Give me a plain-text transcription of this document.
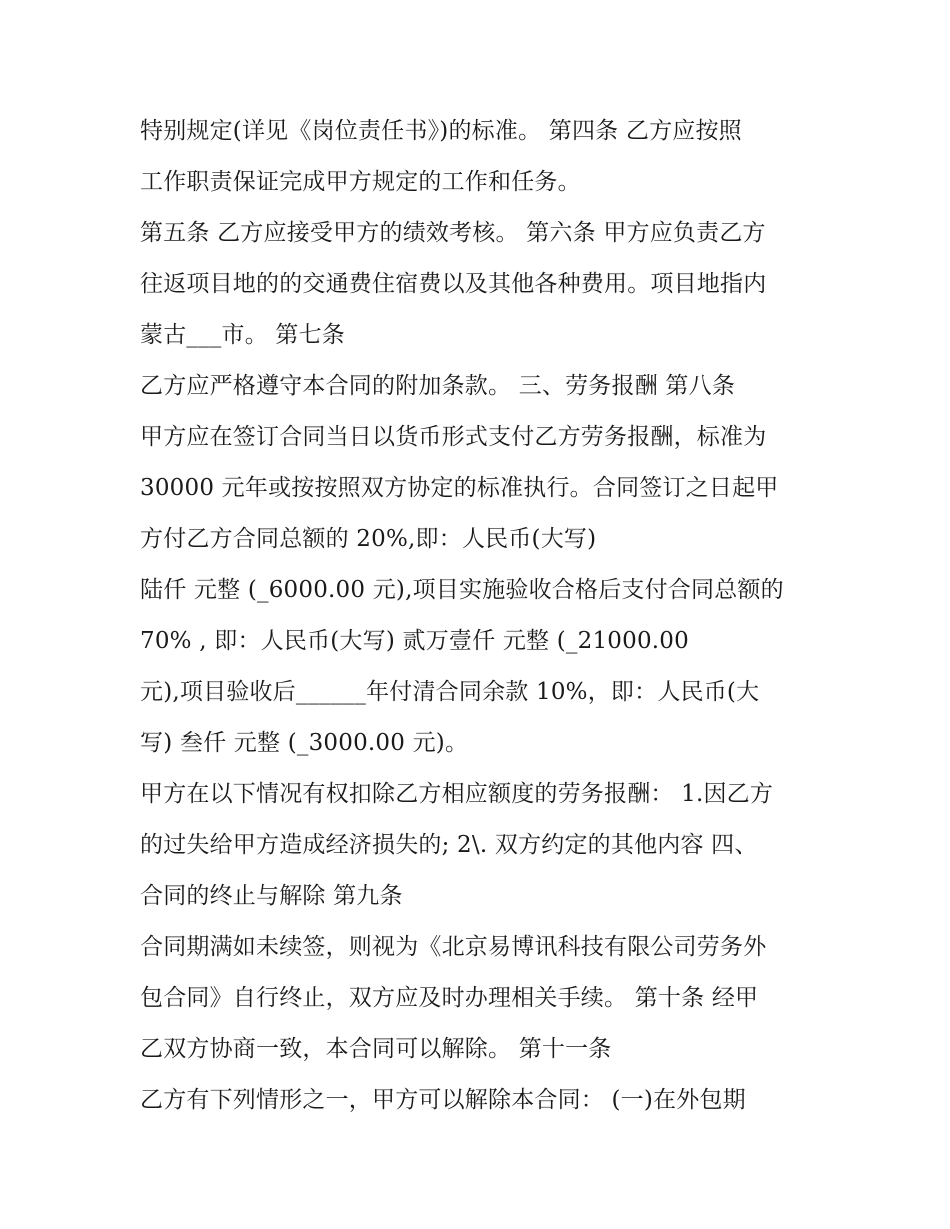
特别规定(详见《岗位责任书》)的标准。 第四条 乙方应按照
工作职责保证完成甲方规定的工作和任务。
第五条 乙方应接受甲方的绩效考核。 第六条 甲方应负责乙方
往返项目地的的交通费住宿费以及其他各种费用。项目地指内
蒙古___市。 第七条
乙方应严格遵守本合同的附加条款。 三、劳务报酬 第八条
甲方应在签订合同当日以货币形式支付乙方劳务报酬，标准为
30000 元年或按按照双方协定的标准执行。合同签订之日起甲
方付乙方合同总额的 20%,即：人民币(大写)
陆仟 元整 (_6000.00 元),项目实施验收合格后支付合同总额的
70% , 即：人民币(大写) 贰万壹仟 元整 (_21000.00
元),项目验收后______年付清合同余款 10%，即：人民币(大
写) 叁仟 元整 (_3000.00 元)。
甲方在以下情况有权扣除乙方相应额度的劳务报酬： 1.因乙方
的过失给甲方造成经济损失的; 2\. 双方约定的其他内容 四、
合同的终止与解除 第九条
合同期满如未续签，则视为《北京易博讯科技有限公司劳务外
包合同》自行终止，双方应及时办理相关手续。 第十条 经甲
乙双方协商一致，本合同可以解除。 第十一条
乙方有下列情形之一，甲方可以解除本合同： (一)在外包期
